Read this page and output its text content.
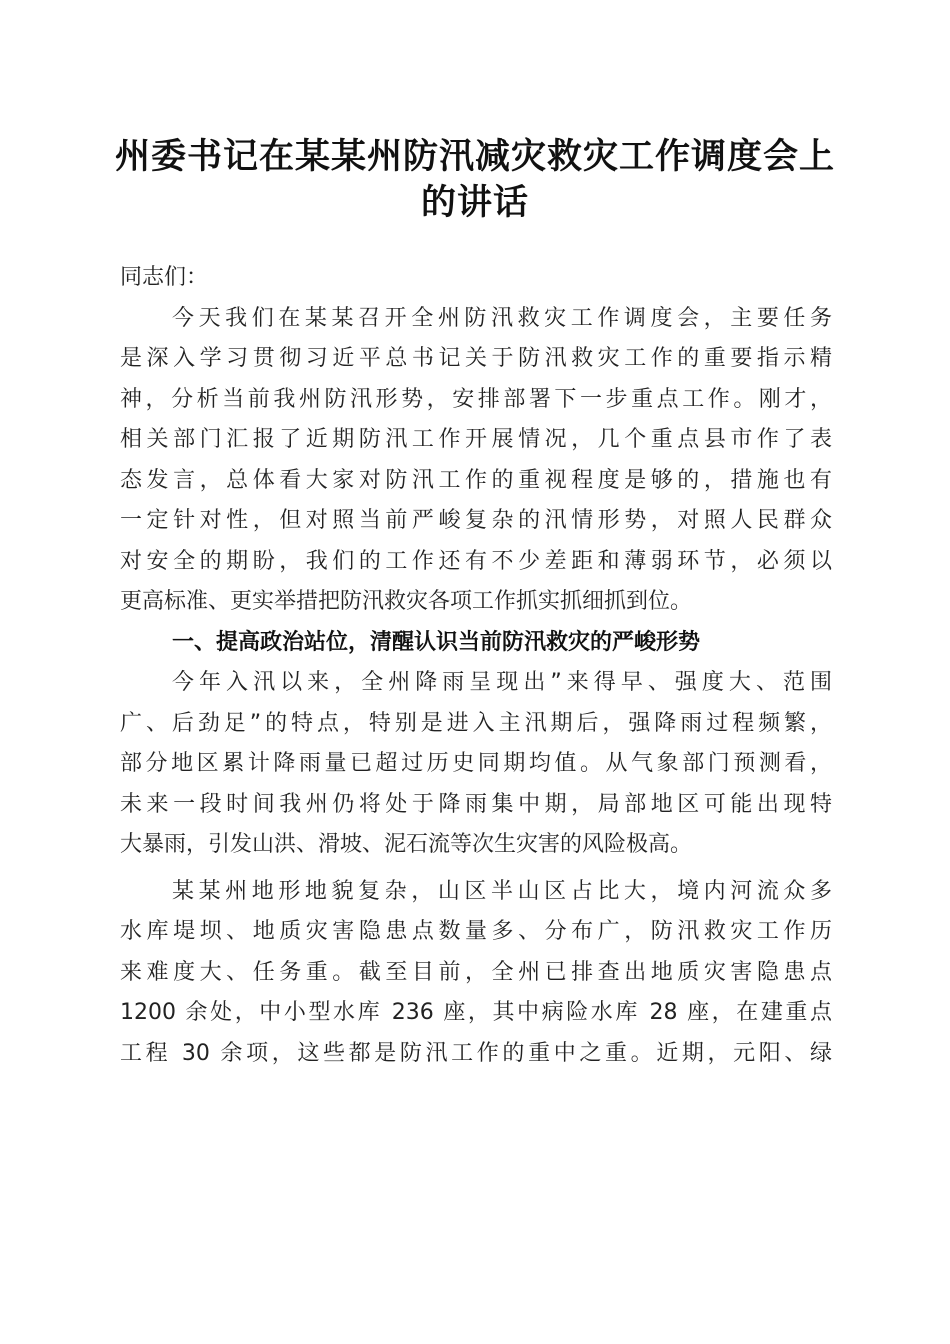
州委书记在某某州防汛减灾救灾工作调度会上
的讲话
同志们：
今天我们在某某召开全州防汛救灾工作调度会，主要任务
是深入学习贯彻习近平总书记关于防汛救灾工作的重要指示精
神，分析当前我州防汛形势，安排部署下一步重点工作。刚才，
相关部门汇报了近期防汛工作开展情况，几个重点县市作了表
态发言，总体看大家对防汛工作的重视程度是够的，措施也有
一定针对性，但对照当前严峻复杂的汛情形势，对照人民群众
对安全的期盼，我们的工作还有不少差距和薄弱环节，必须以
更高标准、更实举措把防汛救灾各项工作抓实抓细抓到位。
一、提高政治站位，清醒认识当前防汛救灾的严峻形势
今年入汛以来，全州降雨呈现出”来得早、强度大、范围
广、后劲足”的特点，特别是进入主汛期后，强降雨过程频繁，
部分地区累计降雨量已超过历史同期均值。从气象部门预测看，
未来一段时间我州仍将处于降雨集中期，局部地区可能出现特
大暴雨，引发山洪、滑坡、泥石流等次生灾害的风险极高。
某某州地形地貌复杂，山区半山区占比大，境内河流众多
水库堤坝、地质灾害隐患点数量多、分布广，防汛救灾工作历
来难度大、任务重。截至目前，全州已排查出地质灾害隐患点
1200 余处，中小型水库 236 座，其中病险水库 28 座，在建重点
工程 30 余项，这些都是防汛工作的重中之重。近期，元阳、绿
